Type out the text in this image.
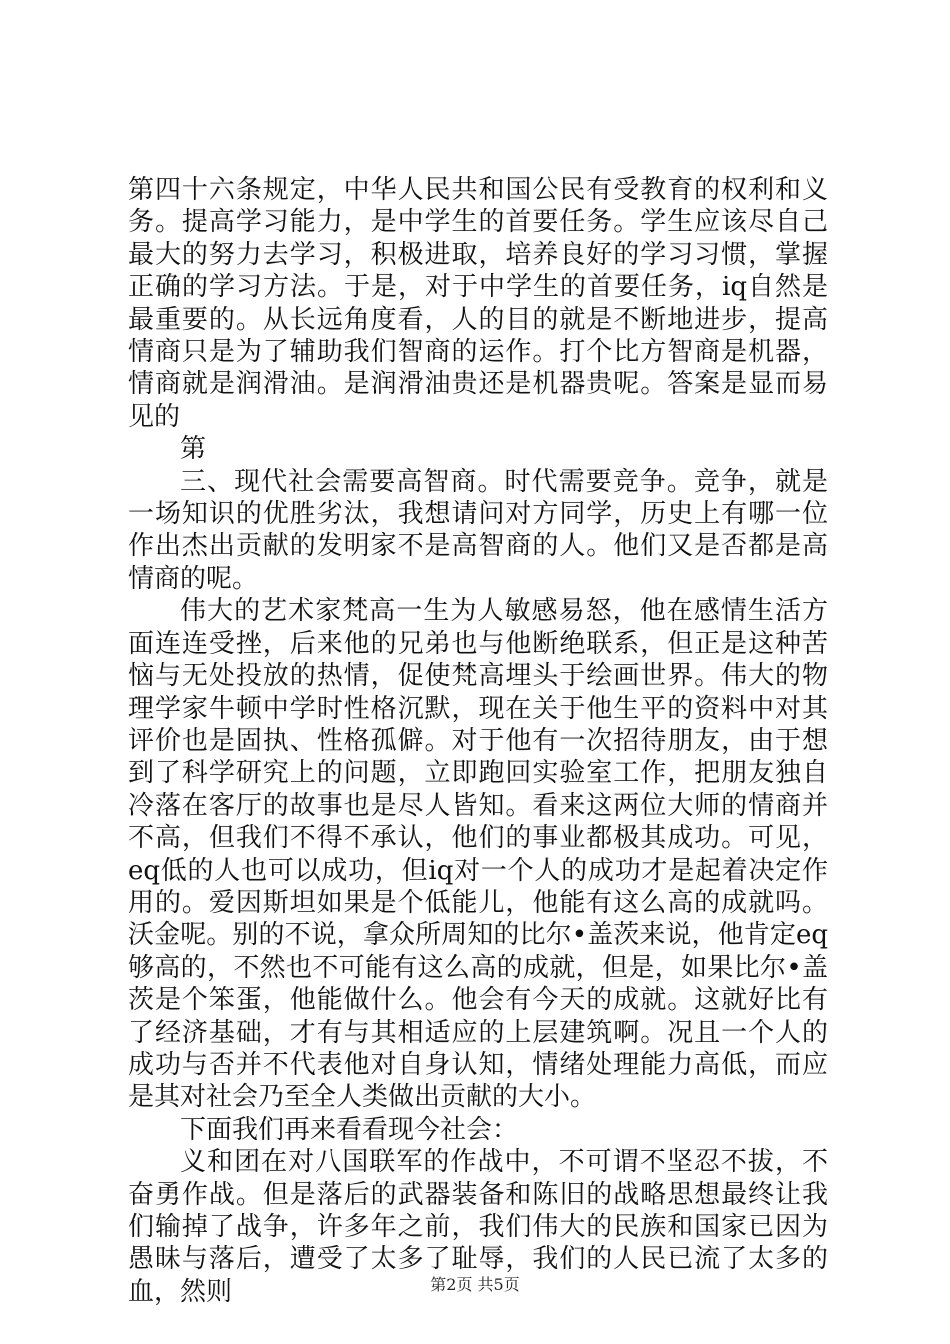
第四十六条规定，中华人民共和国公民有受教育的权利和义务。提高学习能力，是中学生的首要任务。学生应该尽自己最大的努力去学习，积极进取，培养良好的学习习惯，掌握正确的学习方法。于是，对于中学生的首要任务，iq自然是最重要的。从长远角度看，人的目的就是不断地进步，提高情商只是为了辅助我们智商的运作。打个比方智商是机器，情商就是润滑油。是润滑油贵还是机器贵呢。答案是显而易见的

第

三、现代社会需要高智商。时代需要竞争。竞争，就是一场知识的优胜劣汰，我想请问对方同学，历史上有哪一位作出杰出贡献的发明家不是高智商的人。他们又是否都是高情商的呢。

伟大的艺术家梵高一生为人敏感易怒，他在感情生活方面连连受挫，后来他的兄弟也与他断绝联系，但正是这种苦恼与无处投放的热情，促使梵高埋头于绘画世界。伟大的物理学家牛顿中学时性格沉默，现在关于他生平的资料中对其评价也是固执、性格孤僻。对于他有一次招待朋友，由于想到了科学研究上的问题，立即跑回实验室工作，把朋友独自冷落在客厅的故事也是尽人皆知。看来这两位大师的情商并不高，但我们不得不承认，他们的事业都极其成功。可见，eq低的人也可以成功，但iq对一个人的成功才是起着决定作用的。爱因斯坦如果是个低能儿，他能有这么高的成就吗。沃金呢。别的不说，拿众所周知的比尔•盖茨来说，他肯定eq够高的，不然也不可能有这么高的成就，但是，如果比尔•盖茨是个笨蛋，他能做什么。他会有今天的成就。这就好比有了经济基础，才有与其相适应的上层建筑啊。况且一个人的成功与否并不代表他对自身认知，情绪处理能力高低，而应是其对社会乃至全人类做出贡献的大小。

下面我们再来看看现今社会：

义和团在对八国联军的作战中，不可谓不坚忍不拔，不奋勇作战。但是落后的武器装备和陈旧的战略思想最终让我们输掉了战争，许多年之前，我们伟大的民族和国家已因为愚昧与落后，遭受了太多了耻辱，我们的人民已流了太多的血，然则	第2页 共5页
